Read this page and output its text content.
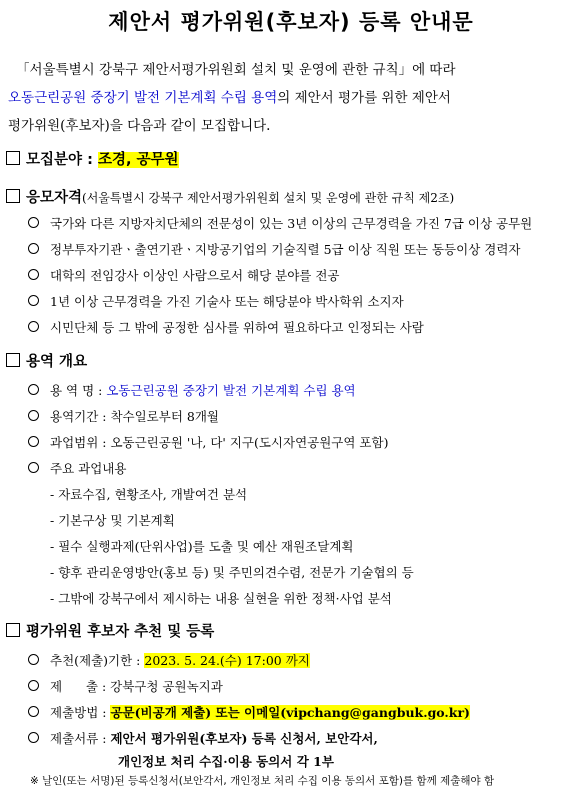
제안서 평가위원(후보자) 등록 안내문
「서울특별시 강북구 제안서평가위원회 설치 및 운영에 관한 규칙」에 따라
오동근린공원 중장기 발전 기본계획 수립 용역의 제안서 평가를 위한 제안서
평가위원(후보자)을 다음과 같이 모집합니다.
모집분야 : 조경, 공무원
응모자격(서울특별시 강북구 제안서평가위원회 설치 및 운영에 관한 규칙 제2조)
국가와 다른 지방자치단체의 전문성이 있는 3년 이상의 근무경력을 가진 7급 이상 공무원
정부투자기관ㆍ출연기관ㆍ지방공기업의 기술직렬 5급 이상 직원 또는 동등이상 경력자
대학의 전임강사 이상인 사람으로서 해당 분야를 전공
1년 이상 근무경력을 가진 기술사 또는 해당분야 박사학위 소지자
시민단체 등 그 밖에 공정한 심사를 위하여 필요하다고 인정되는 사람
용역 개요
용 역 명 : 오동근린공원 중장기 발전 기본계획 수립 용역
용역기간 : 착수일로부터 8개월
과업범위 : 오동근린공원 '나, 다' 지구(도시자연공원구역 포함)
주요 과업내용
- 자료수집, 현황조사, 개발여건 분석
- 기본구상 및 기본계획
- 필수 실행과제(단위사업)를 도출 및 예산 재원조달계획
- 향후 관리운영방안(홍보 등) 및 주민의견수렴, 전문가 기술협의 등
- 그밖에 강북구에서 제시하는 내용 실현을 위한 정책·사업 분석
평가위원 후보자 추천 및 등록
추천(제출)기한 : 2023. 5. 24.(수) 17:00 까지
제      출 : 강북구청 공원녹지과
제출방법 : 공문(비공개 제출) 또는 이메일(vipchang@gangbuk.go.kr)
제출서류 : 제안서 평가위원(후보자) 등록 신청서, 보안각서,
개인정보 처리 수집·이용 동의서 각 1부
※ 날인(또는 서명)된 등록신청서(보안각서, 개인정보 처리 수집 이용 동의서 포함)를 함께 제출해야 함
